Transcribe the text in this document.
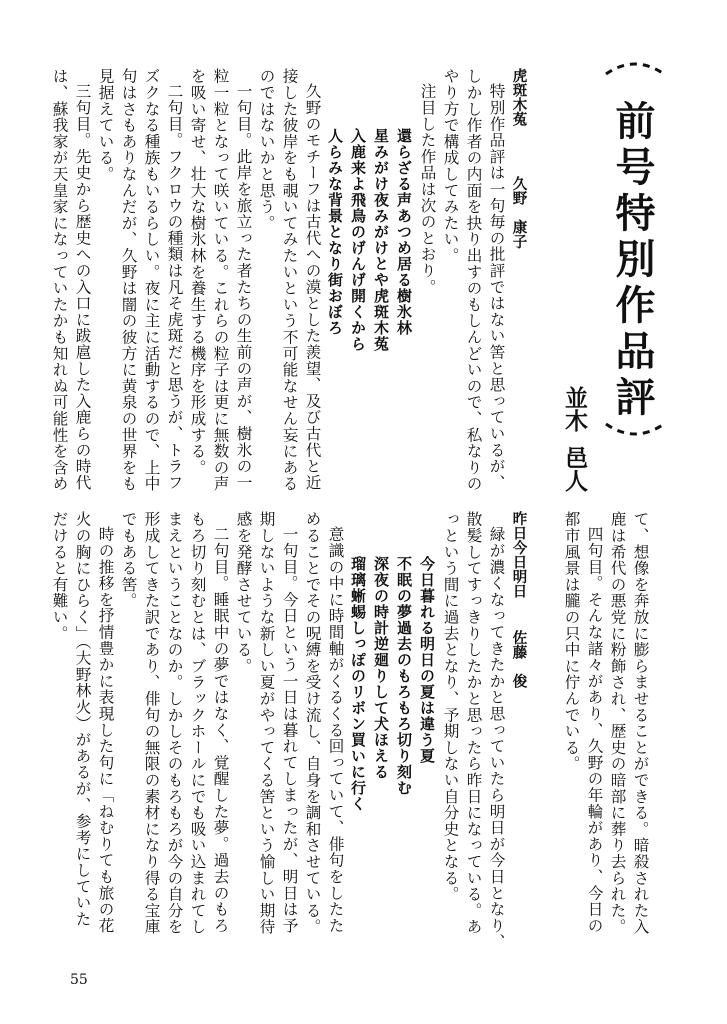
前号特別作品評
並木
邑人
て、想像を奔放に膨らませることができる。暗殺された入
鹿は希代の悪党に粉飾され、歴史の暗部に葬り去られた。
四句目。そんな諸々があり、久野の年輪があり、今日の
都市風景は朧の只中に佇んでいる。
虎斑木菟
久野　康子
特別作品評は一句毎の批評ではない筈と思っているが、
しかし作者の内面を抉り出すのもしんどいので、私なりの
やり方で構成してみたい。
注目した作品は次のとおり。
還らざる声あつめ居る樹氷林
星みがけ夜みがけとや虎斑木菟
入鹿来よ飛鳥のげんげ開くから
人らみな背景となり街おぼろ
久野のモチーフは古代への漠とした羨望、及び古代と近
接した彼岸をも覗いてみたいという不可能なせん妄にある
のではないかと思う。
一句目。此岸を旅立った者たちの生前の声が、樹氷の一
粒一粒となって咲いている。これらの粒子は更に無数の声
を吸い寄せ、壮大な樹氷林を養生する機序を形成する。
二句目。フクロウの種類は凡そ虎斑だと思うが、トラフ
ズクなる種族もいるらしい。夜に主に活動するので、上中
句はさもありなんだが、久野は闇の彼方に黄泉の世界をも
見据えている。
三句目。先史から歴史への入口に跋扈した入鹿らの時代
は、蘇我家が天皇家になっていたかも知れぬ可能性を含め
昨日今日明日
佐藤　俊
緑が濃くなってきたかと思っていたら明日が今日となり、
散髪してすっきりしたかと思ったら昨日になっている。あ
っという間に過去となり、予期しない自分史となる。
今日暮れる明日の夏は違う夏
不眠の夢過去のもろもろ切り刻む
深夜の時計逆廻りして犬ほえる
瑠璃蜥蜴しっぽのリボン買いに行く
意識の中に時間軸がくるくる回っていて、俳句をしたた
めることでその呪縛を受け流し、自身を調和させている。
一句目。今日という一日は暮れてしまったが、明日は予
期しないような新しい夏がやってくる筈という愉しい期待
感を発酵させている。
二句目。睡眠中の夢ではなく、覚醒した夢。過去のもろ
もろ切り刻むとは、ブラックホールにでも吸い込まれてし
まえということなのか。しかしそのもろもろが今の自分を
形成してきた訳であり、俳句の無限の素材になり得る宝庫
でもある筈。
時の推移を抒情豊かに表現した句に「ねむりても旅の花
火の胸にひらく」（大野林火）があるが、参考にしていた
だけると有難い。
55
